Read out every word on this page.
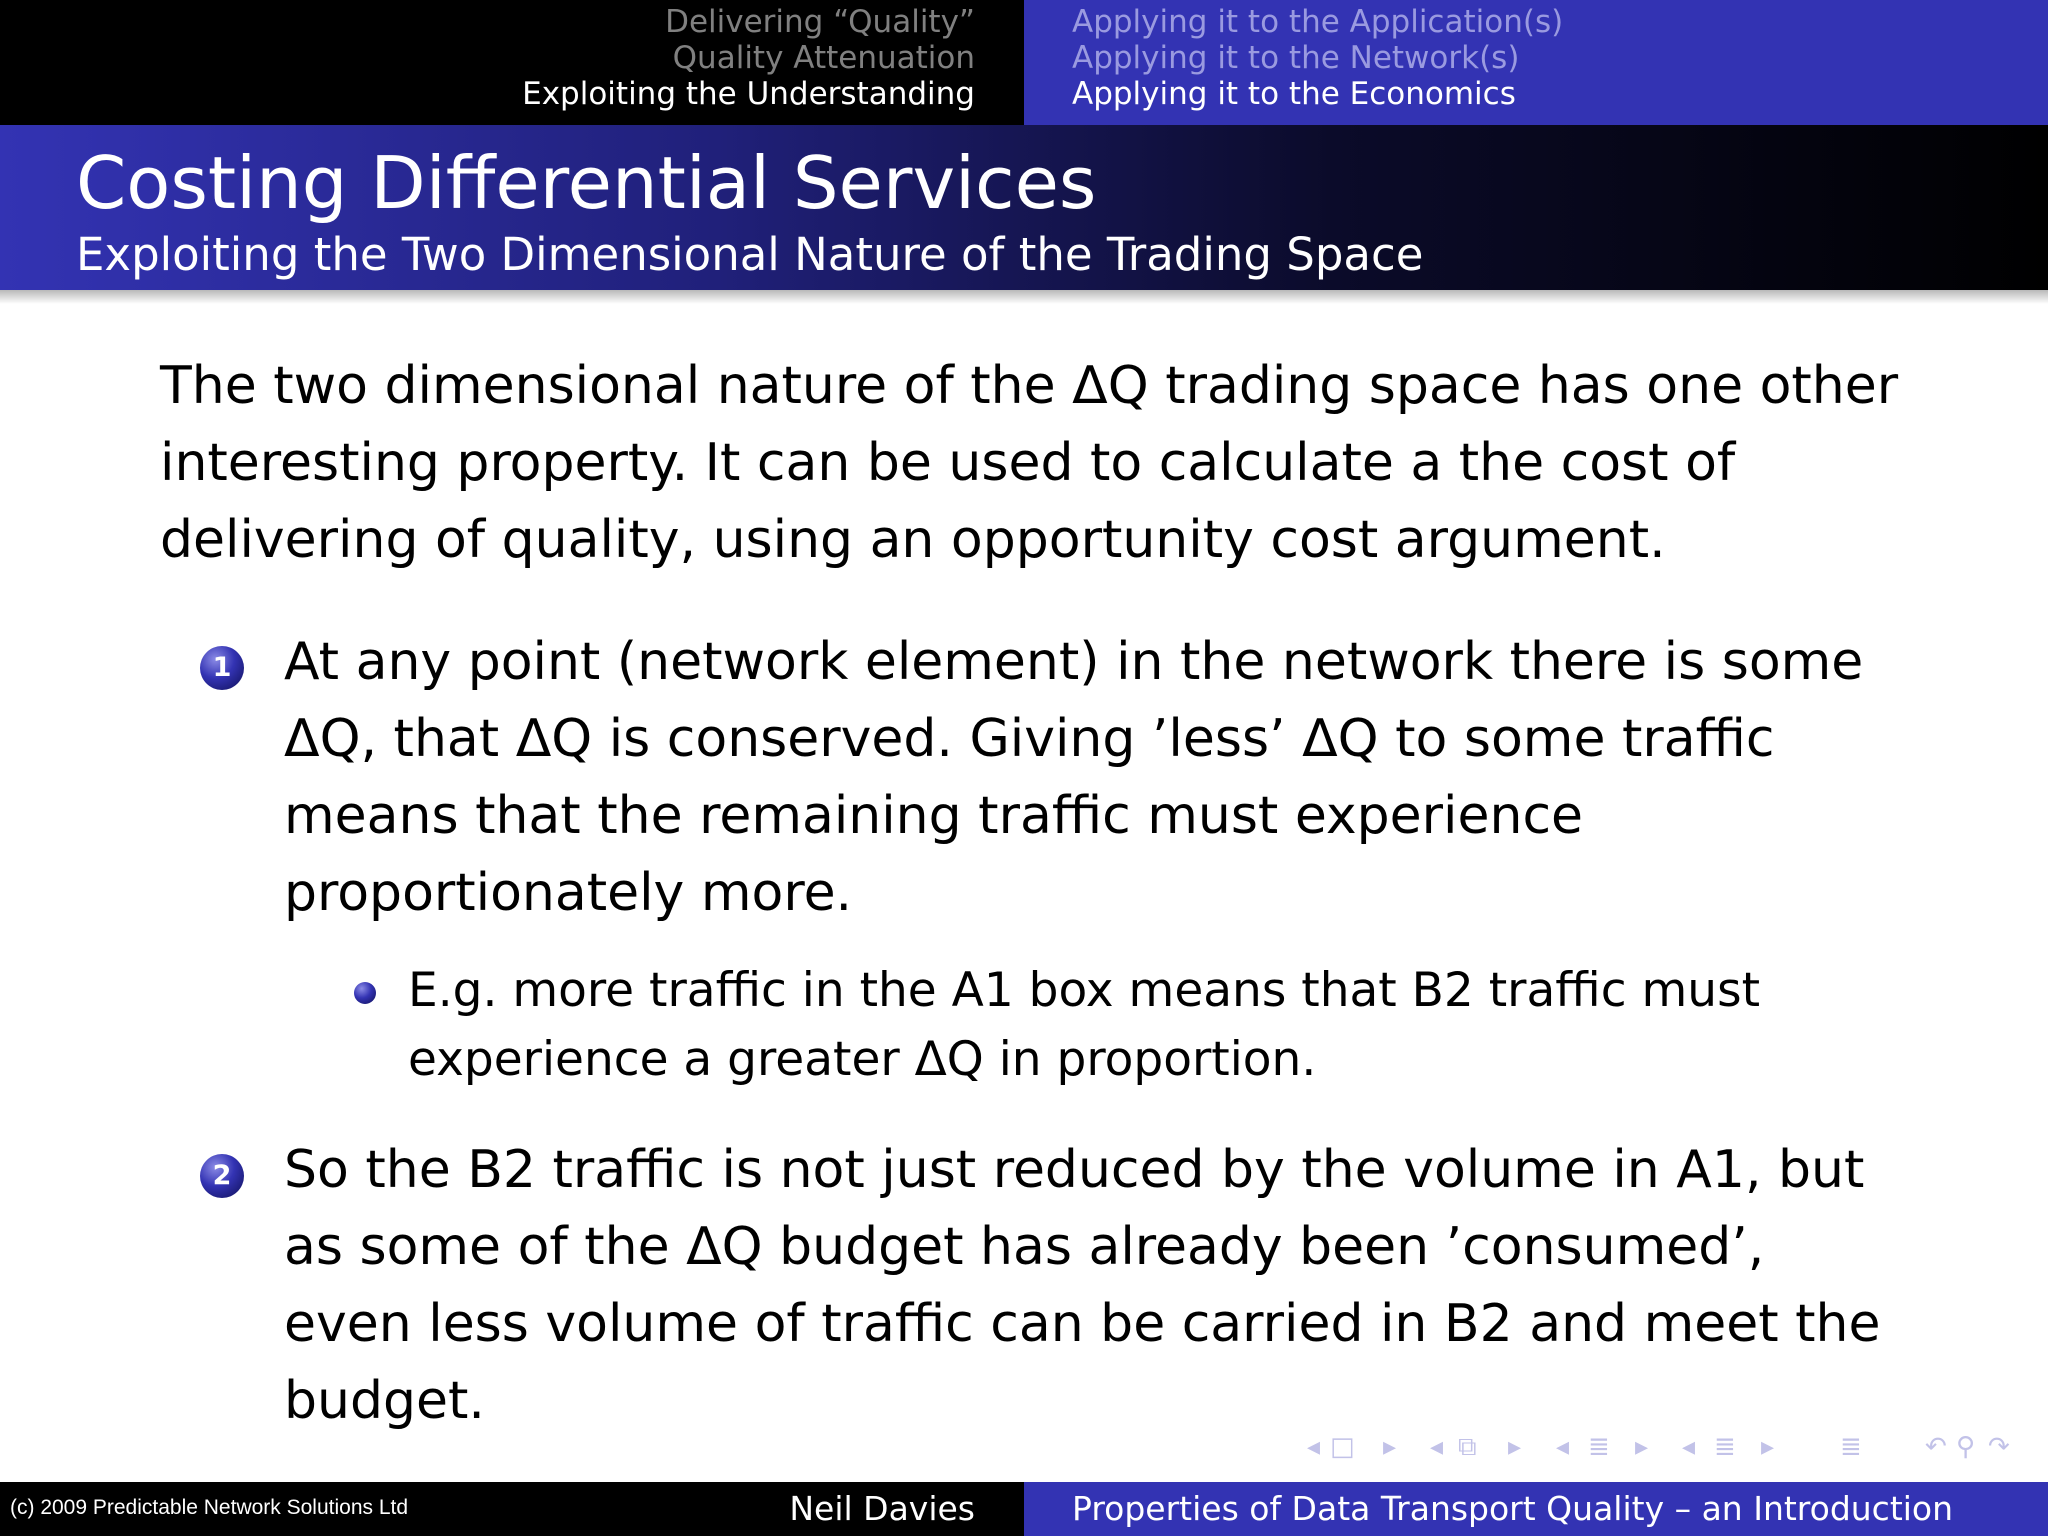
Delivering “Quality”
Quality Attenuation
Exploiting the Understanding
Applying it to the Application(s)
Applying it to the Network(s)
Applying it to the Economics
Costing Differential Services
Exploiting the Two Dimensional Nature of the Trading Space

The two dimensional nature of the ΔQ trading space has one other interesting property. It can be used to calculate a the cost of delivering of quality, using an opportunity cost argument.

1 At any point (network element) in the network there is some ΔQ, that ΔQ is conserved. Giving ’less’ ΔQ to some traffic means that the remaining traffic must experience proportionately more.
E.g. more traffic in the A1 box means that B2 traffic must experience a greater ΔQ in proportion.
2 So the B2 traffic is not just reduced by the volume in A1, but as some of the ΔQ budget has already been ’consumed’, even less volume of traffic can be carried in B2 and meet the budget.
◂ □ ▸ ◂ ⧉ ▸ ◂ ≣ ▸ ◂ ≣ ▸	≣ ↶ ⚲ ↷
(c) 2009 Predictable Network Solutions Ltd	Neil Davies	Properties of Data Transport Quality – an Introduction
